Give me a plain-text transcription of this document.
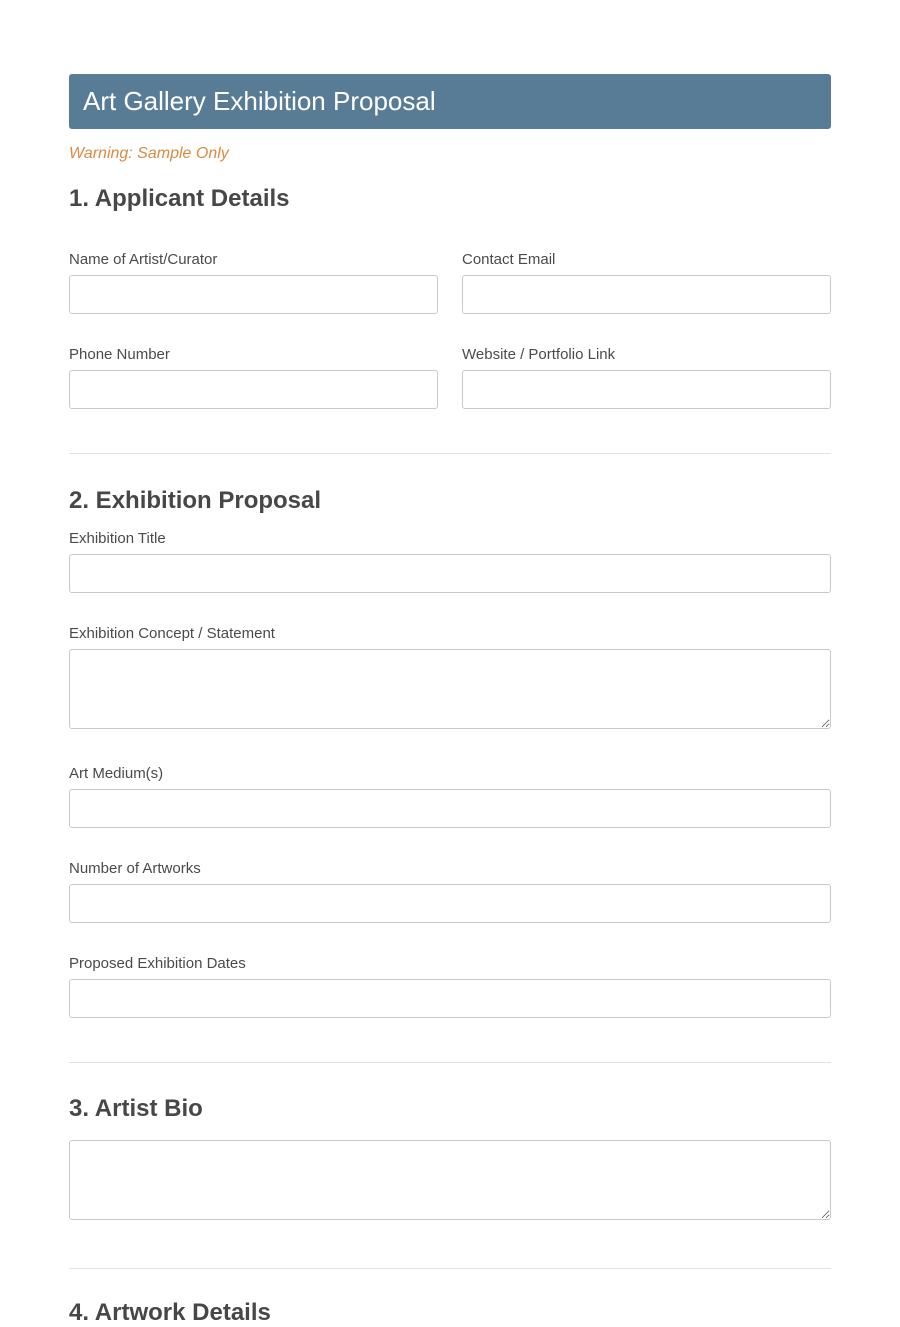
Art Gallery Exhibition Proposal
Warning: Sample Only
1. Applicant Details
Name of Artist/Curator	Contact Email
Phone Number	Website / Portfolio Link
2. Exhibition Proposal
Exhibition Title
Exhibition Concept / Statement
Art Medium(s)
Number of Artworks
Proposed Exhibition Dates
3. Artist Bio
4. Artwork Details
